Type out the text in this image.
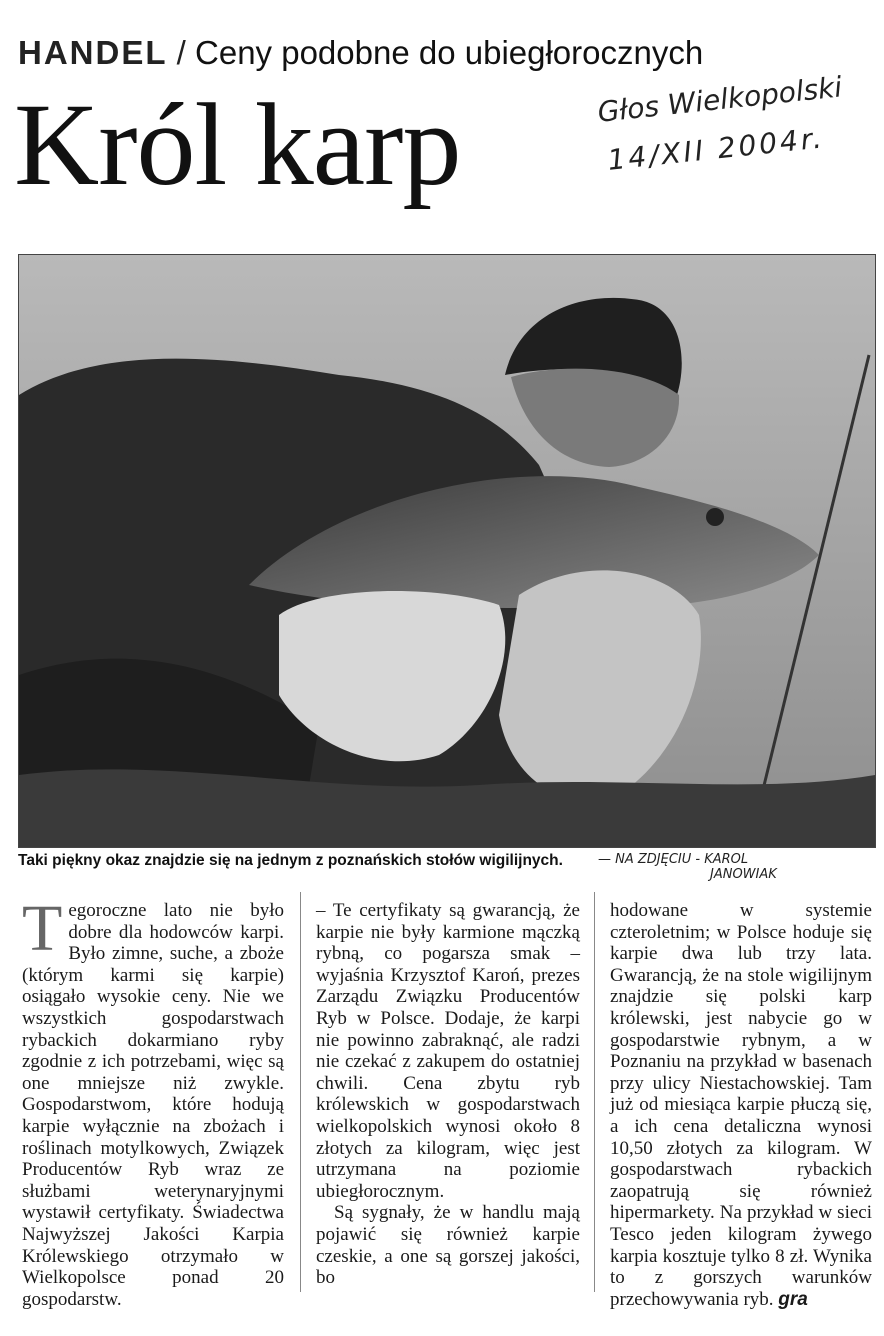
HANDEL / Ceny podobne do ubiegłorocznych
Król karp	Głos Wielkopolski
14/XII 2004r.
Taki piękny okaz znajdzie się na jednym z poznańskich stołów wigilijnych.	— NA ZDJĘCIU - KAROL
JANOWIAK
T egoroczne lato nie było dobre dla hodowców karpi. Było zimne, suche, a zboże (którym karmi się karpie) osiągało wysokie ceny. Nie we wszystkich gospodarstwach rybackich dokarmiano ryby zgodnie z ich potrzebami, więc są one mniejsze niż zwykle. Gospodarstwom, które hodują karpie wyłącznie na zbożach i roślinach motylkowych, Związek Producentów Ryb wraz ze służbami weterynaryjnymi wystawił certyfikaty. Świadectwa Najwyższej Jakości Karpia Królewskiego otrzymało w Wielkopolsce ponad 20 gospodarstw.

– Te certyfikaty są gwarancją, że karpie nie były karmione mączką rybną, co pogarsza smak – wyjaśnia Krzysztof Karoń, prezes Zarządu Związku Producentów Ryb w Polsce. Dodaje, że karpi nie powinno zabraknąć, ale radzi nie czekać z zakupem do ostatniej chwili. Cena zbytu ryb królewskich w gospodarstwach wielkopolskich wynosi około 8 złotych za kilogram, więc jest utrzymana na poziomie ubiegłorocznym.

Są sygnały, że w handlu mają pojawić się również karpie czeskie, a one są gorszej jakości, bo

hodowane w systemie czteroletnim; w Polsce hoduje się karpie dwa lub trzy lata. Gwarancją, że na stole wigilijnym znajdzie się polski karp królewski, jest nabycie go w gospodarstwie rybnym, a w Poznaniu na przykład w basenach przy ulicy Niestachowskiej. Tam już od miesiąca karpie płuczą się, a ich cena detaliczna wynosi 10,50 złotych za kilogram. W gospodarstwach rybackich zaopatrują się również hipermarkety. Na przykład w sieci Tesco jeden kilogram żywego karpia kosztuje tylko 8 zł. Wynika to z gorszych warunków przechowywania ryb. gra
